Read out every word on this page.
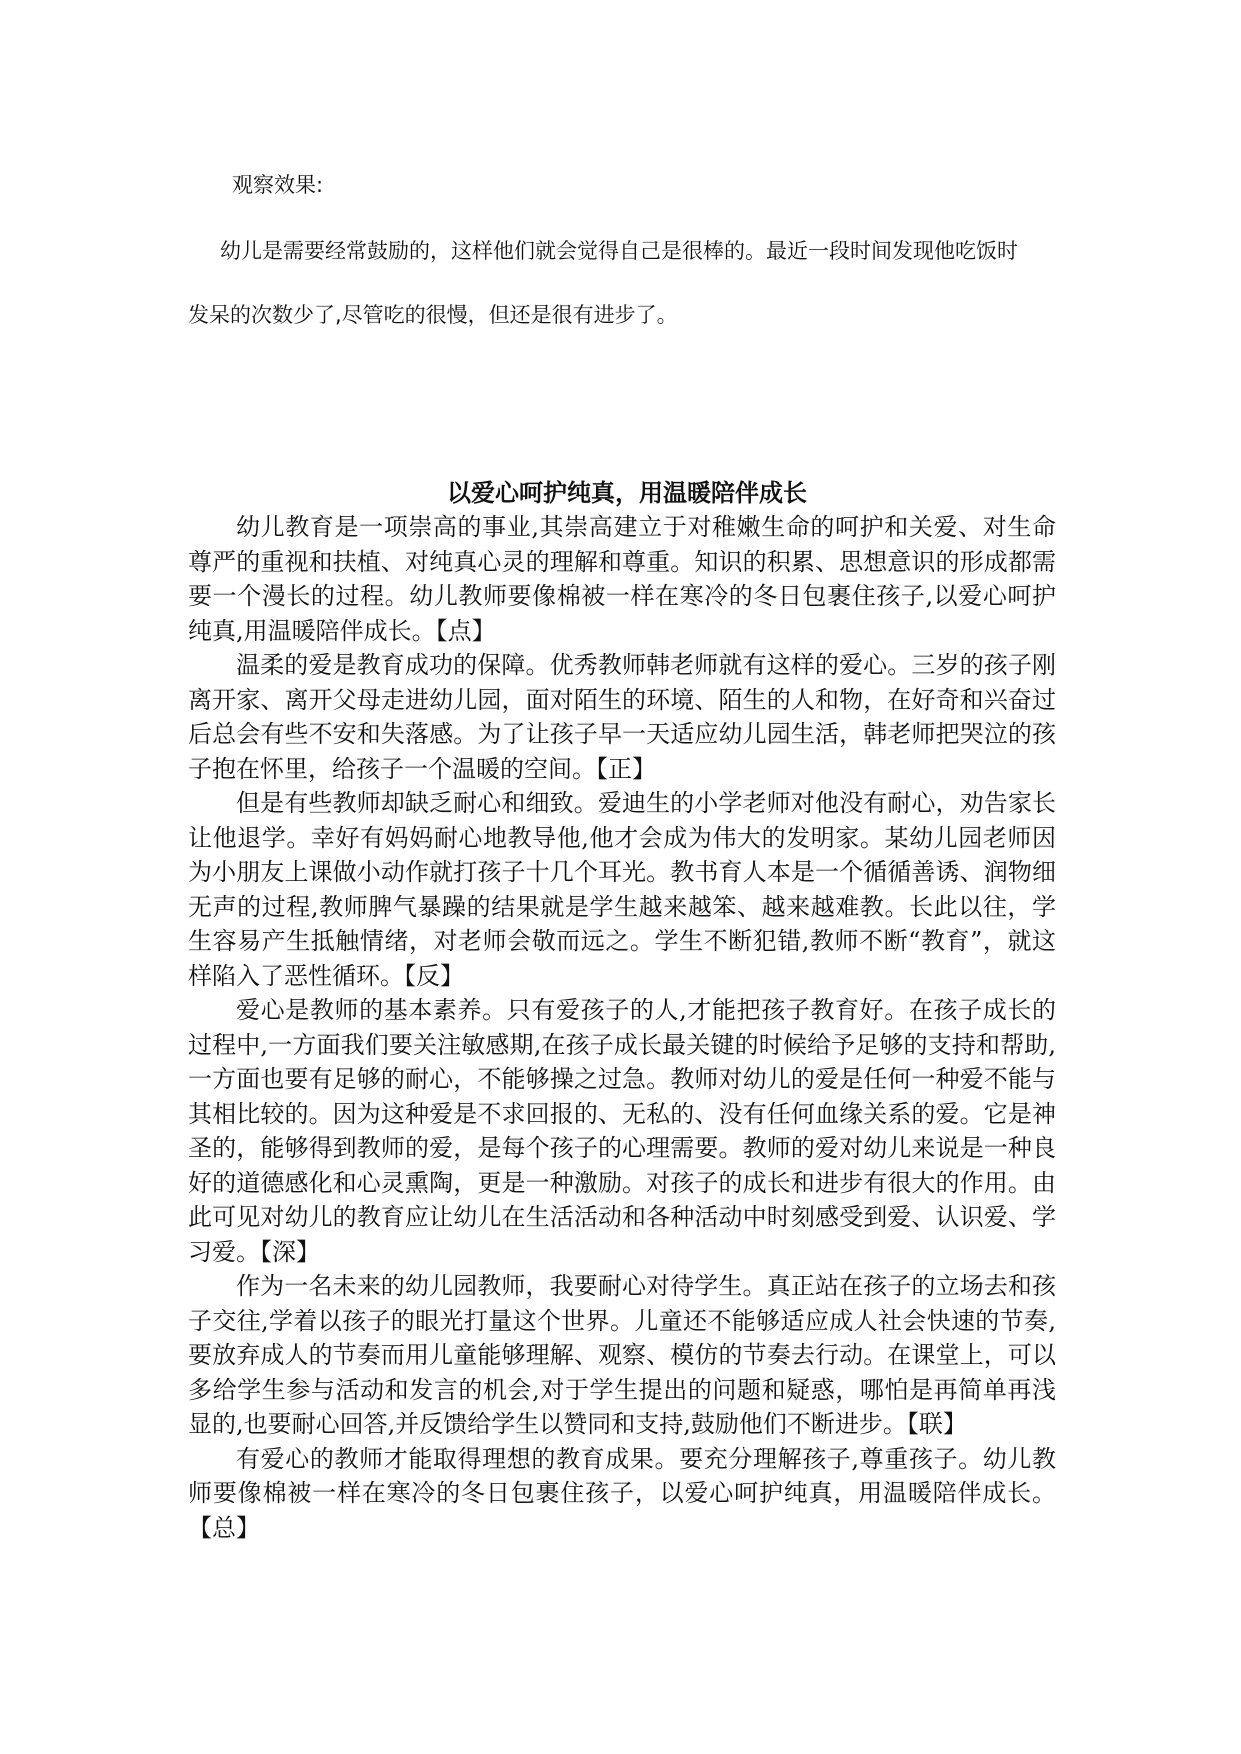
观察效果:

幼儿是需要经常鼓励的，这样他们就会觉得自己是很棒的。最近一段时间发现他吃饭时

发呆的次数少了,尽管吃的很慢，但还是很有进步了。

以爱心呵护纯真，用温暖陪伴成长

幼儿教育是一项崇高的事业,其崇高建立于对稚嫩生命的呵护和关爱、对生命尊严的重视和扶植、对纯真心灵的理解和尊重。知识的积累、思想意识的形成都需要一个漫长的过程。幼儿教师要像棉被一样在寒冷的冬日包裹住孩子,以爱心呵护纯真,用温暖陪伴成长。【点】

温柔的爱是教育成功的保障。优秀教师韩老师就有这样的爱心。三岁的孩子刚离开家、离开父母走进幼儿园，面对陌生的环境、陌生的人和物，在好奇和兴奋过后总会有些不安和失落感。为了让孩子早一天适应幼儿园生活，韩老师把哭泣的孩子抱在怀里，给孩子一个温暖的空间。【正】

但是有些教师却缺乏耐心和细致。爱迪生的小学老师对他没有耐心，劝告家长让他退学。幸好有妈妈耐心地教导他,他才会成为伟大的发明家。某幼儿园老师因为小朋友上课做小动作就打孩子十几个耳光。教书育人本是一个循循善诱、润物细无声的过程,教师脾气暴躁的结果就是学生越来越笨、越来越难教。长此以往，学生容易产生抵触情绪，对老师会敬而远之。学生不断犯错,教师不断“教育”，就这样陷入了恶性循环。【反】

爱心是教师的基本素养。只有爱孩子的人,才能把孩子教育好。在孩子成长的过程中,一方面我们要关注敏感期,在孩子成长最关键的时候给予足够的支持和帮助,一方面也要有足够的耐心，不能够操之过急。教师对幼儿的爱是任何一种爱不能与其相比较的。因为这种爱是不求回报的、无私的、没有任何血缘关系的爱。它是神圣的，能够得到教师的爱，是每个孩子的心理需要。教师的爱对幼儿来说是一种良好的道德感化和心灵熏陶，更是一种激励。对孩子的成长和进步有很大的作用。由此可见对幼儿的教育应让幼儿在生活活动和各种活动中时刻感受到爱、认识爱、学习爱。【深】

作为一名未来的幼儿园教师，我要耐心对待学生。真正站在孩子的立场去和孩子交往,学着以孩子的眼光打量这个世界。儿童还不能够适应成人社会快速的节奏,要放弃成人的节奏而用儿童能够理解、观察、模仿的节奏去行动。在课堂上，可以多给学生参与活动和发言的机会,对于学生提出的问题和疑惑，哪怕是再简单再浅显的,也要耐心回答,并反馈给学生以赞同和支持,鼓励他们不断进步。【联】

有爱心的教师才能取得理想的教育成果。要充分理解孩子,尊重孩子。幼儿教师要像棉被一样在寒冷的冬日包裹住孩子，以爱心呵护纯真，用温暖陪伴成长。【总】
